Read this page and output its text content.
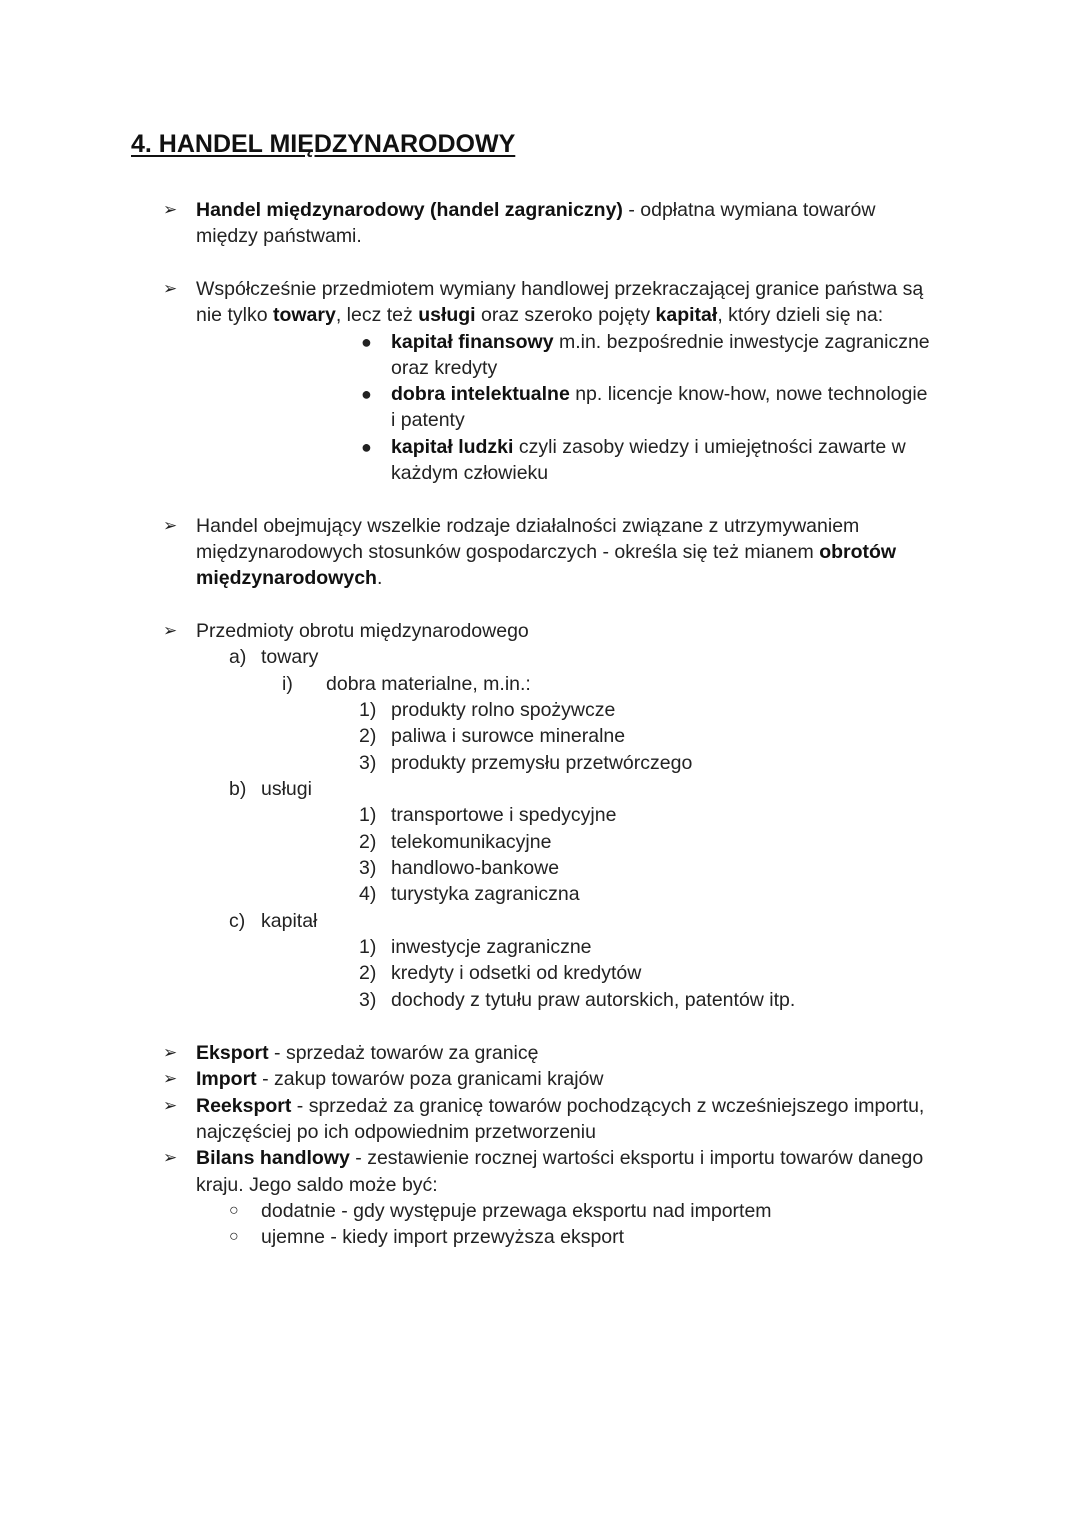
4. HANDEL MIĘDZYNARODOWY
➢ Handel międzynarodowy (handel zagraniczny) - odpłatna wymiana towarów
między państwami.
➢ Współcześnie przedmiotem wymiany handlowej przekraczającej granice państwa są
nie tylko towary, lecz też usługi oraz szeroko pojęty kapitał, który dzieli się na:
● kapitał finansowy m.in. bezpośrednie inwestycje zagraniczne
oraz kredyty
● dobra intelektualne np. licencje know-how, nowe technologie
i patenty
● kapitał ludzki czyli zasoby wiedzy i umiejętności zawarte w
każdym człowieku
➢ Handel obejmujący wszelkie rodzaje działalności związane z utrzymywaniem
międzynarodowych stosunków gospodarczych - określa się też mianem obrotów
międzynarodowych.
➢ Przedmioty obrotu międzynarodowego
a) towary
i) dobra materialne, m.in.:
1) produkty rolno spożywcze
2) paliwa i surowce mineralne
3) produkty przemysłu przetwórczego
b) usługi
1) transportowe i spedycyjne
2) telekomunikacyjne
3) handlowo-bankowe
4) turystyka zagraniczna
c) kapitał
1) inwestycje zagraniczne
2) kredyty i odsetki od kredytów
3) dochody z tytułu praw autorskich, patentów itp.
➢ Eksport - sprzedaż towarów za granicę
➢ Import - zakup towarów poza granicami krajów
➢ Reeksport - sprzedaż za granicę towarów pochodzących z wcześniejszego importu,
najczęściej po ich odpowiednim przetworzeniu
➢ Bilans handlowy - zestawienie rocznej wartości eksportu i importu towarów danego
kraju. Jego saldo może być:
○ dodatnie - gdy występuje przewaga eksportu nad importem
○ ujemne - kiedy import przewyższa eksport
